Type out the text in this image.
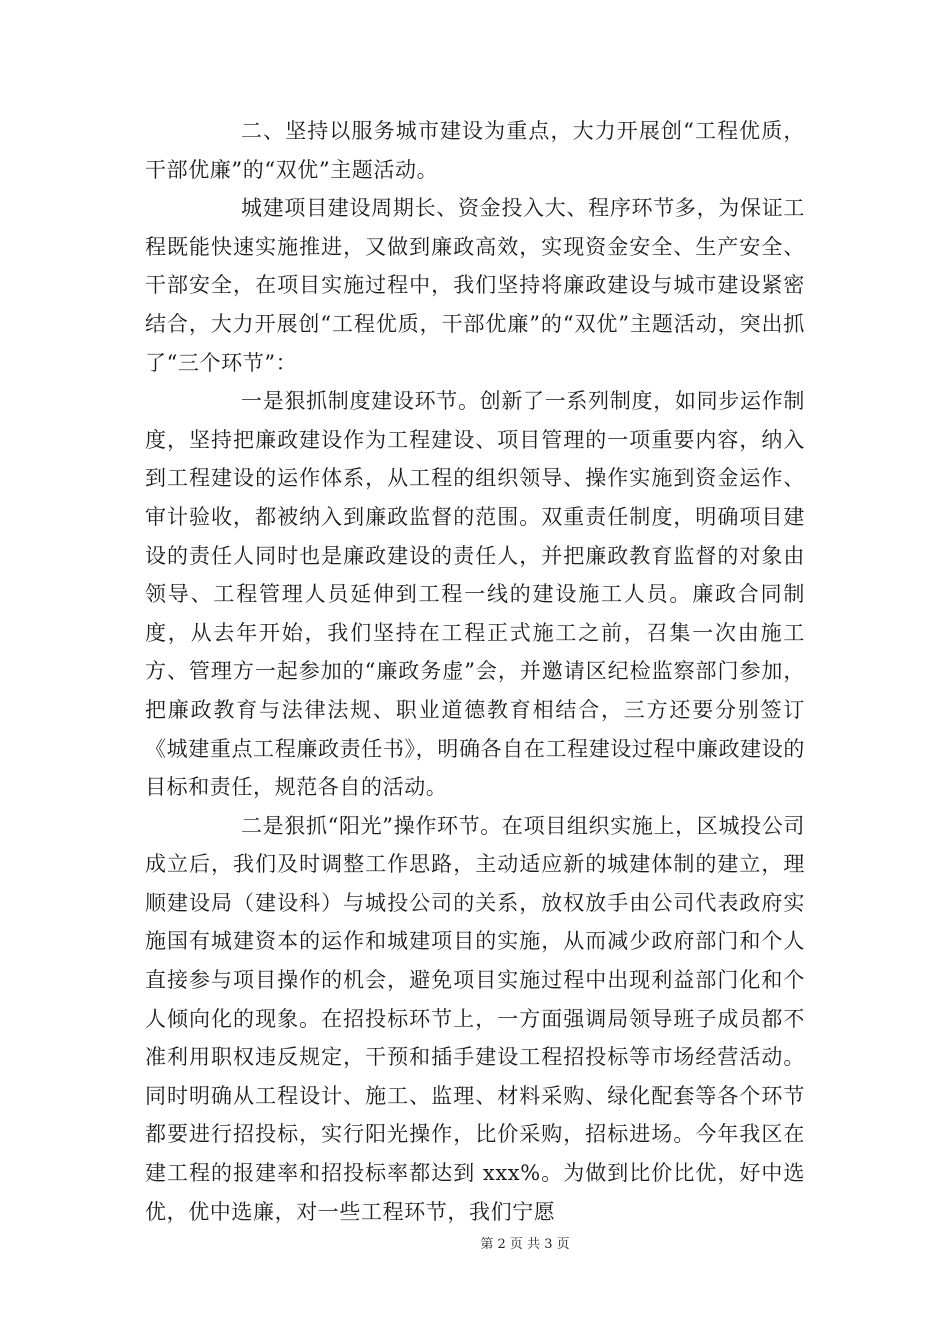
二、坚持以服务城市建设为重点，大力开展创“工程优质，干部优廉”的“双优”主题活动。

城建项目建设周期长、资金投入大、程序环节多，为保证工程既能快速实施推进，又做到廉政高效，实现资金安全、生产安全、干部安全，在项目实施过程中，我们坚持将廉政建设与城市建设紧密结合，大力开展创“工程优质，干部优廉”的“双优”主题活动，突出抓了“三个环节”：

一是狠抓制度建设环节。创新了一系列制度，如同步运作制度，坚持把廉政建设作为工程建设、项目管理的一项重要内容，纳入到工程建设的运作体系，从工程的组织领导、操作实施到资金运作、审计验收，都被纳入到廉政监督的范围。双重责任制度，明确项目建设的责任人同时也是廉政建设的责任人，并把廉政教育监督的对象由领导、工程管理人员延伸到工程一线的建设施工人员。廉政合同制度，从去年开始，我们坚持在工程正式施工之前，召集一次由施工方、管理方一起参加的“廉政务虚”会，并邀请区纪检监察部门参加，把廉政教育与法律法规、职业道德教育相结合，三方还要分别签订《城建重点工程廉政责任书》，明确各自在工程建设过程中廉政建设的目标和责任，规范各自的活动。

二是狠抓“阳光”操作环节。在项目组织实施上，区城投公司成立后，我们及时调整工作思路，主动适应新的城建体制的建立，理顺建设局（建设科）与城投公司的关系，放权放手由公司代表政府实施国有城建资本的运作和城建项目的实施，从而减少政府部门和个人直接参与项目操作的机会，避免项目实施过程中出现利益部门化和个人倾向化的现象。在招投标环节上，一方面强调局领导班子成员都不准利用职权违反规定，干预和插手建设工程招投标等市场经营活动。同时明确从工程设计、施工、监理、材料采购、绿化配套等各个环节都要进行招投标，实行阳光操作，比价采购，招标进场。今年我区在建工程的报建率和招投标率都达到 xxx%。为做到比价比优，好中选优，优中选廉，对一些工程环节，我们宁愿

第 2 页 共 3 页
